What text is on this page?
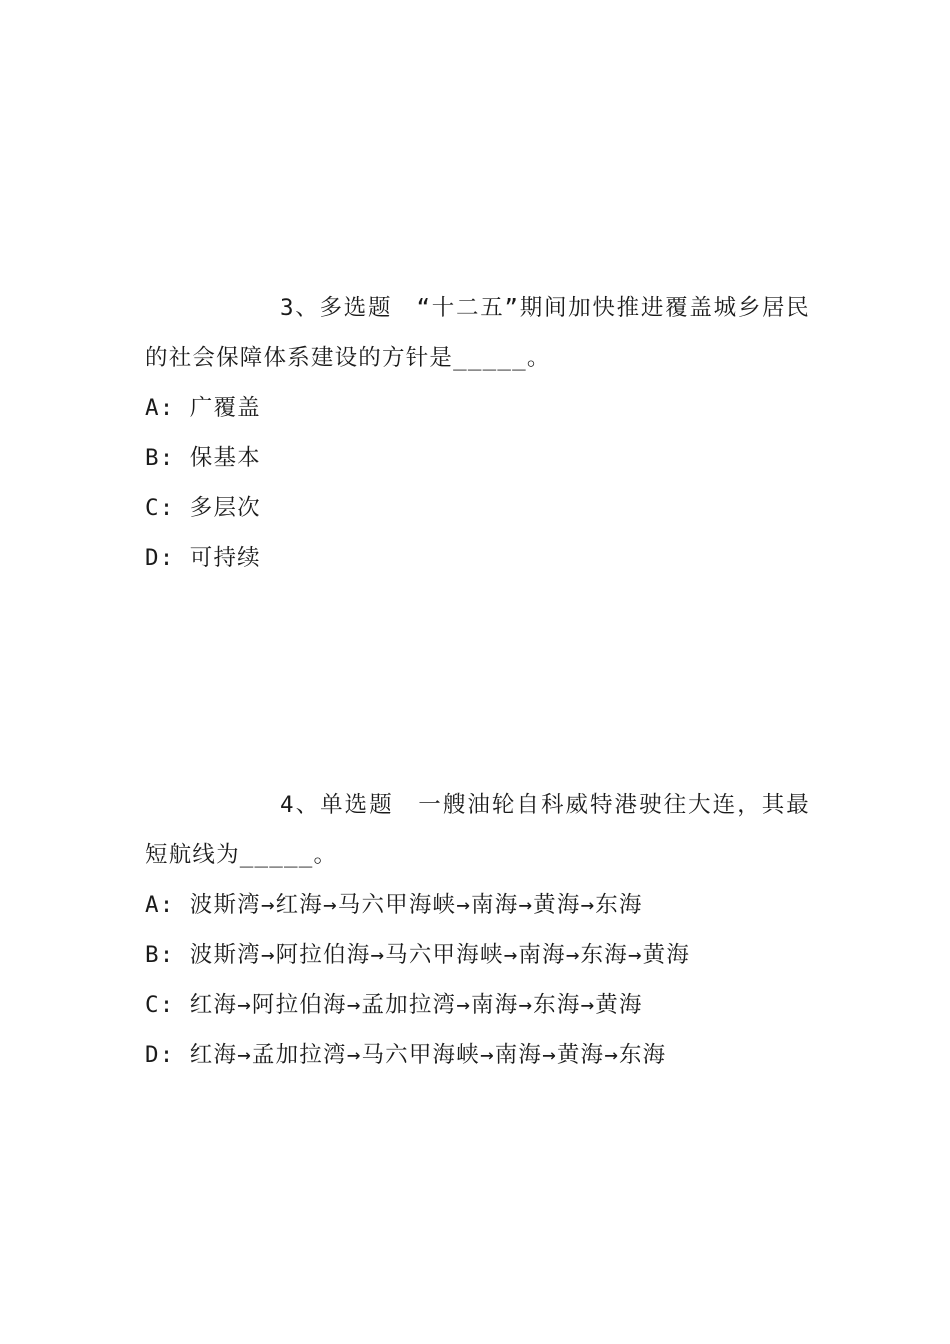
3、多选题　“十二五”期间加快推进覆盖城乡居民的社会保障体系建设的方针是_____。

A : 广覆盖
B : 保基本
C : 多层次
D : 可持续

4、单选题　一艘油轮自科威特港驶往大连，其最短航线为_____。

A : 波斯湾→红海→马六甲海峡→南海→黄海→东海
B : 波斯湾→阿拉伯海→马六甲海峡→南海→东海→黄海
C : 红海→阿拉伯海→孟加拉湾→南海→东海→黄海
D : 红海→孟加拉湾→马六甲海峡→南海→黄海→东海
